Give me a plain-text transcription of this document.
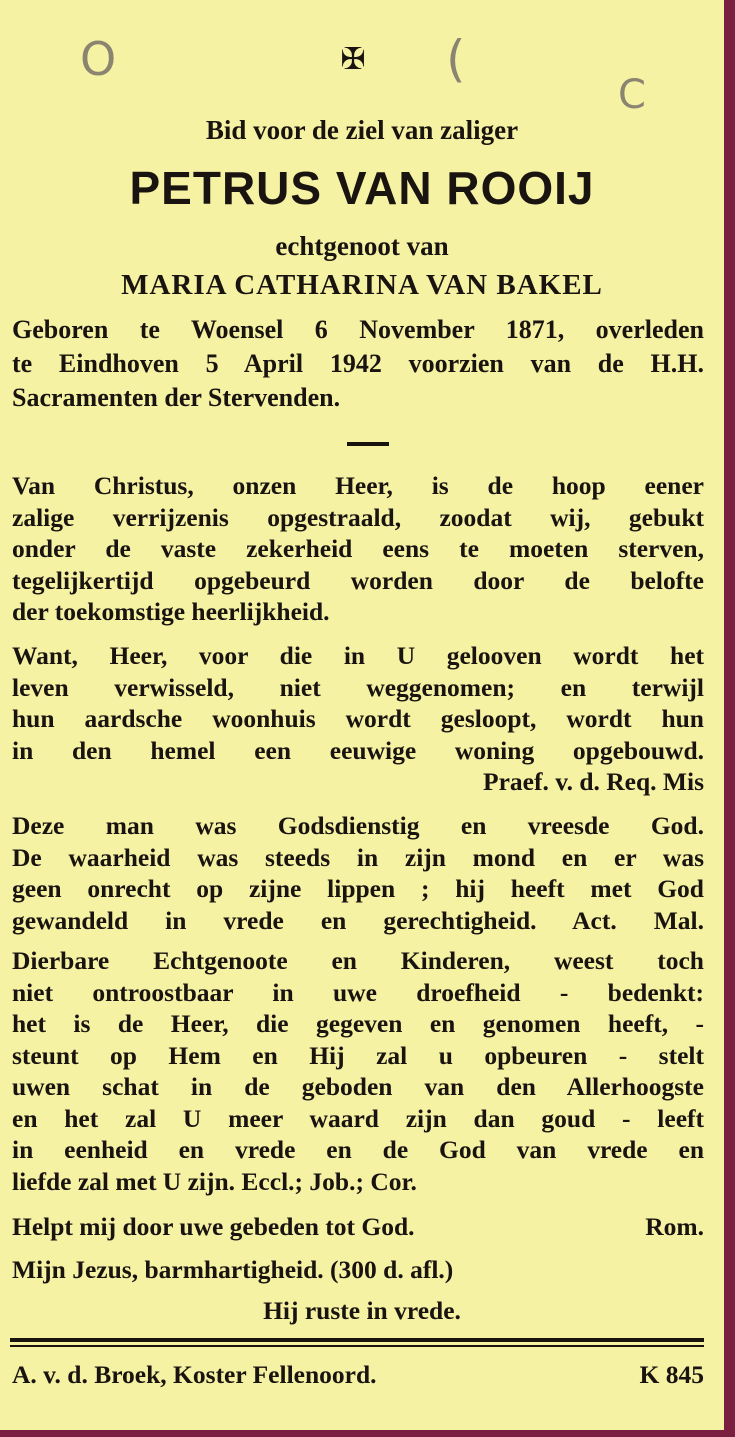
O	(
C
✠
Bid voor de ziel van zaliger
PETRUS VAN ROOIJ
echtgenoot van
MARIA CATHARINA VAN BAKEL
Geboren te Woensel 6 November 1871, overleden
te Eindhoven 5 April 1942 voorzien van de H.H.
Sacramenten der Stervenden.
Van Christus, onzen Heer, is de hoop eener
zalige verrijzenis opgestraald, zoodat wij, gebukt
onder de vaste zekerheid eens te moeten sterven,
tegelijkertijd opgebeurd worden door de belofte
der toekomstige heerlijkheid.
Want, Heer, voor die in U gelooven wordt het
leven verwisseld, niet weggenomen; en terwijl
hun aardsche woonhuis wordt gesloopt, wordt hun
in den hemel een eeuwige woning opgebouwd.
Praef. v. d. Req. Mis
Deze man was Godsdienstig en vreesde God.
De waarheid was steeds in zijn mond en er was
geen onrecht op zijne lippen ; hij heeft met God
gewandeld in vrede en gerechtigheid. Act. Mal.
Dierbare Echtgenoote en Kinderen, weest toch
niet ontroostbaar in uwe droefheid - bedenkt:
het is de Heer, die gegeven en genomen heeft, -
steunt op Hem en Hij zal u opbeuren - stelt
uwen schat in de geboden van den Allerhoogste
en het zal U meer waard zijn dan goud - leeft
in eenheid en vrede en de God van vrede en
liefde zal met U zijn. Eccl.; Job.; Cor.
Helpt mij door uwe gebeden tot God.	Rom.
Mijn Jezus, barmhartigheid. (300 d. afl.)
Hij ruste in vrede.
A. v. d. Broek, Koster Fellenoord.	K 845
